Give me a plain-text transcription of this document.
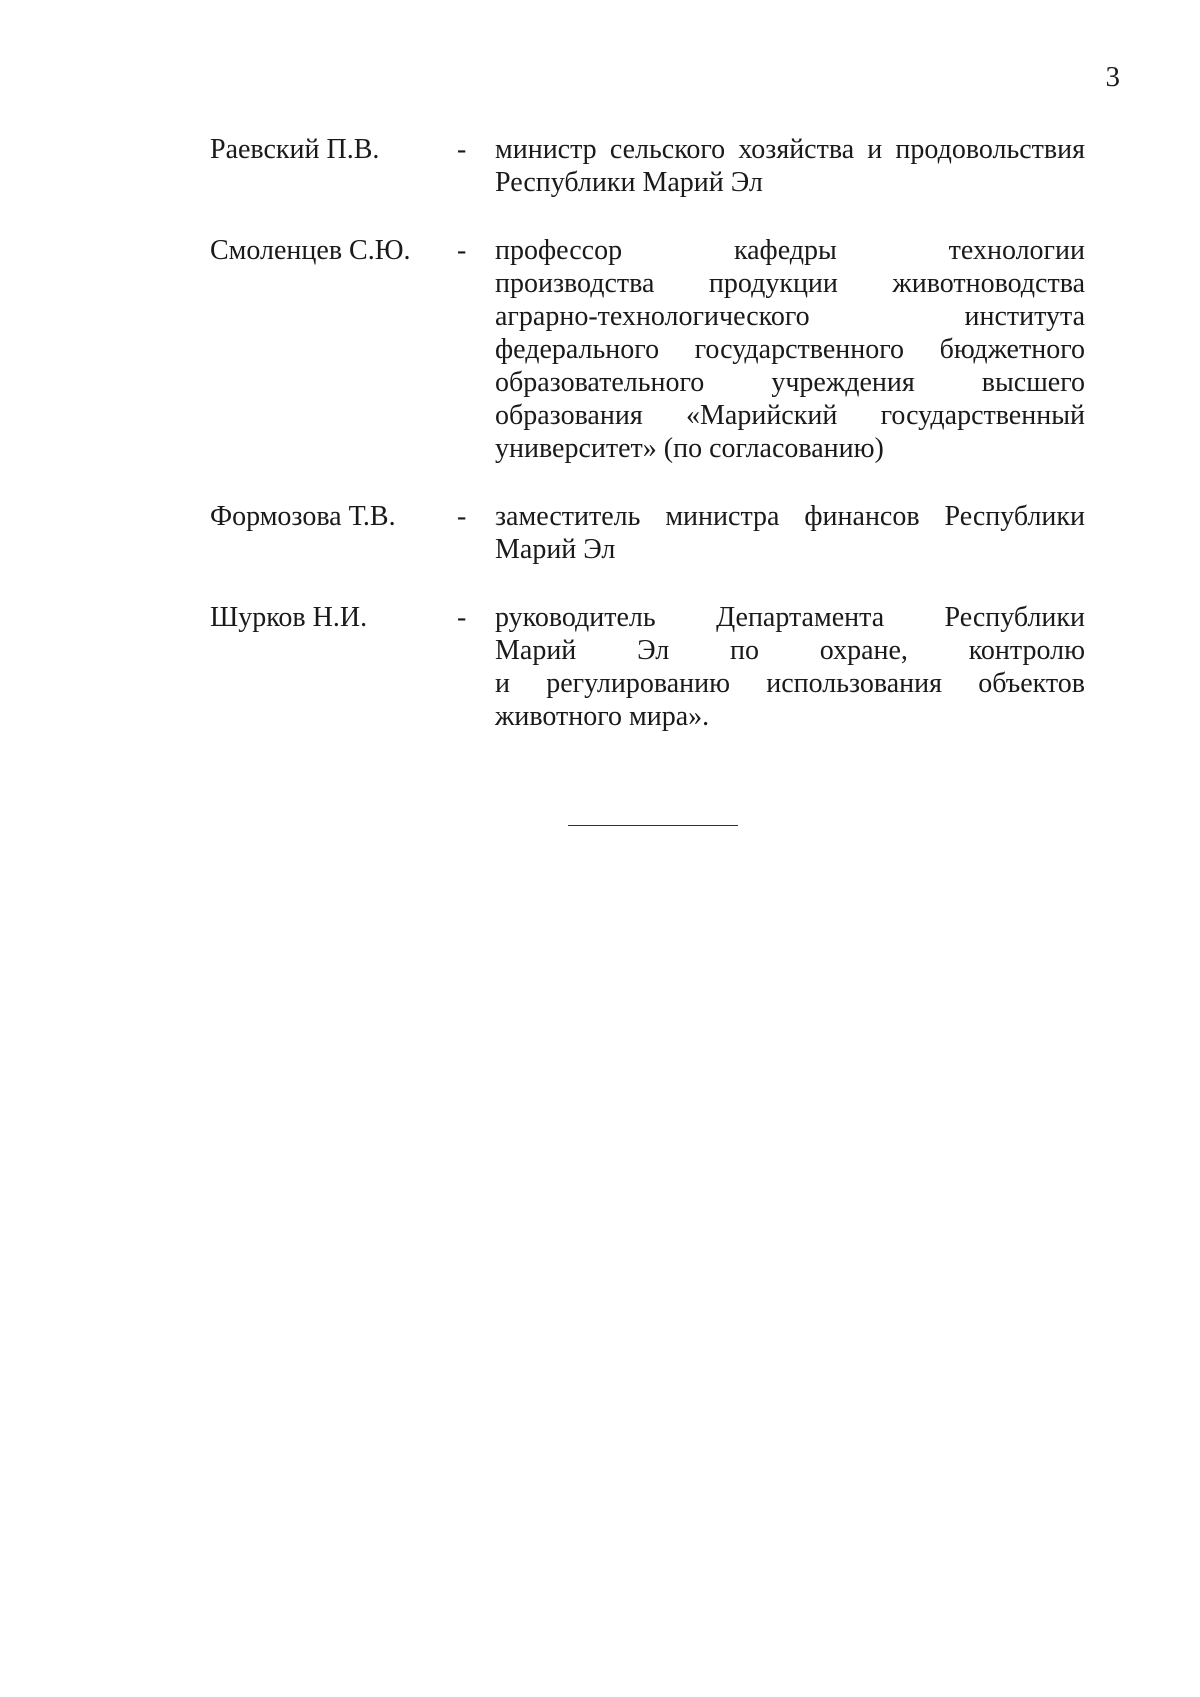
3
Раевский П.В.	-	министр сельского хозяйства и продовольствия
Республики Марий Эл
Смоленцев С.Ю.	-	профессор кафедры технологии
производства продукции животноводства
аграрно-технологического института
федерального государственного бюджетного
образовательного учреждения высшего
образования «Марийский государственный
университет» (по согласованию)
Формозова Т.В.	-	заместитель министра финансов Республики
Марий Эл
Шурков Н.И.	-	руководитель Департамента Республики
Марий Эл по охране, контролю
и регулированию использования объектов
животного мира».
